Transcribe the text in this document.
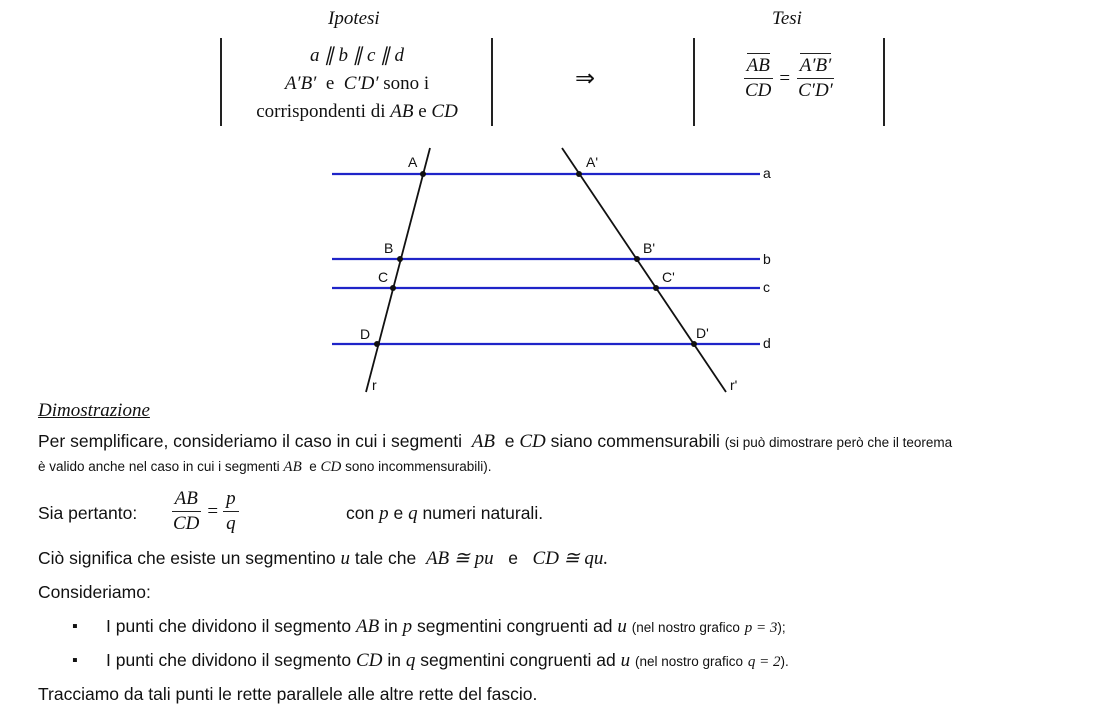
Ipotesi	Tesi
a ∥ b ∥ c ∥ d
A′B′ e C′D′ sono i
corrispondenti di AB e CD
⇒	$\frac{AB}{CD} = \frac{A'B'}{C'D'}$
A
B
C
D
A'
B'
C'
D'
r	r'
a
b
c
d
Dimostrazione
Per semplificare, consideriamo il caso in cui i segmenti AB e CD siano commensurabili (si può dimostrare però che il teorema
è valido anche nel caso in cui i segmenti AB e CD sono incommensurabili).
Sia pertanto: $\frac{AB}{CD} = \frac{p}{q}$	con p e q numeri naturali.
Ciò significa che esiste un segmentino u tale che AB ≅ pu e CD ≅ qu.
Consideriamo:
▪ I punti che dividono il segmento AB in p segmentini congruenti ad u (nel nostro grafico p = 3);
▪ I punti che dividono il segmento CD in q segmentini congruenti ad u (nel nostro grafico q = 2).
Tracciamo da tali punti le rette parallele alle altre rette del fascio.
